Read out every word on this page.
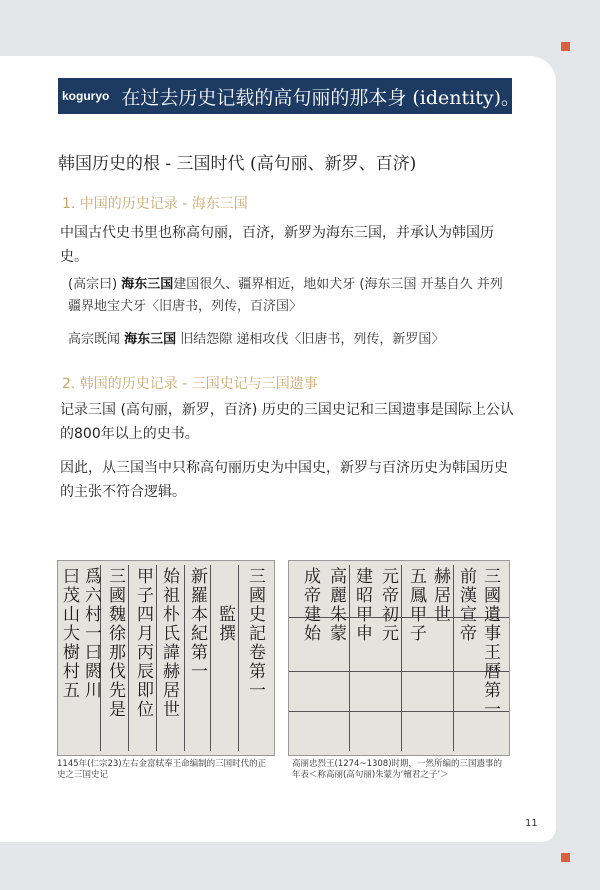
koguryo 在过去历史记载的高句丽的那本身 (identity)。
韩国历史的根 - 三国时代 (高句丽、新罗、百济)
1. 中国的历史记录 - 海东三国
中国古代史书里也称高句丽，百济，新罗为海东三国，并承认为韩国历史。
(高宗曰) 海东三国建国很久、疆界相近，地如犬牙 (海东三国 开基自久 并列疆界地宝犬牙〈旧唐书，列传，百济国〉
高宗既闻 海东三国 旧结怨隙 递相攻伐〈旧唐书，列传，新罗国〉
2. 韩国的历史记录 - 三国史记与三国遗事
记录三国 (高句丽，新罗，百济) 历史的三国史记和三国遗事是国际上公认的800年以上的史书。
因此，从三国当中只称高句丽历史为中国史，新罗与百济历史为韩国历史的主张不符合逻辑。
三國史記卷第一
　　監撰
新羅本紀第一
始祖朴氏諱赫居世
甲子四月丙辰即位
三國魏徐那伐先是
爲六村一曰閼川
曰茂山大樹村五	三國遺事王曆第一
前漢宣帝
赫居世
五鳳甲子
元帝初元
建昭甲申
高麗朱蒙
成帝建始
1145年(仁宗23)左右金富轼奉王命编制的三国时代的正史之三国史记
高丽忠烈王(1274~1308)时期，一然所编的三国遗事的年表＜称高丽(高句丽)朱蒙为‘檀君之子’＞
11
